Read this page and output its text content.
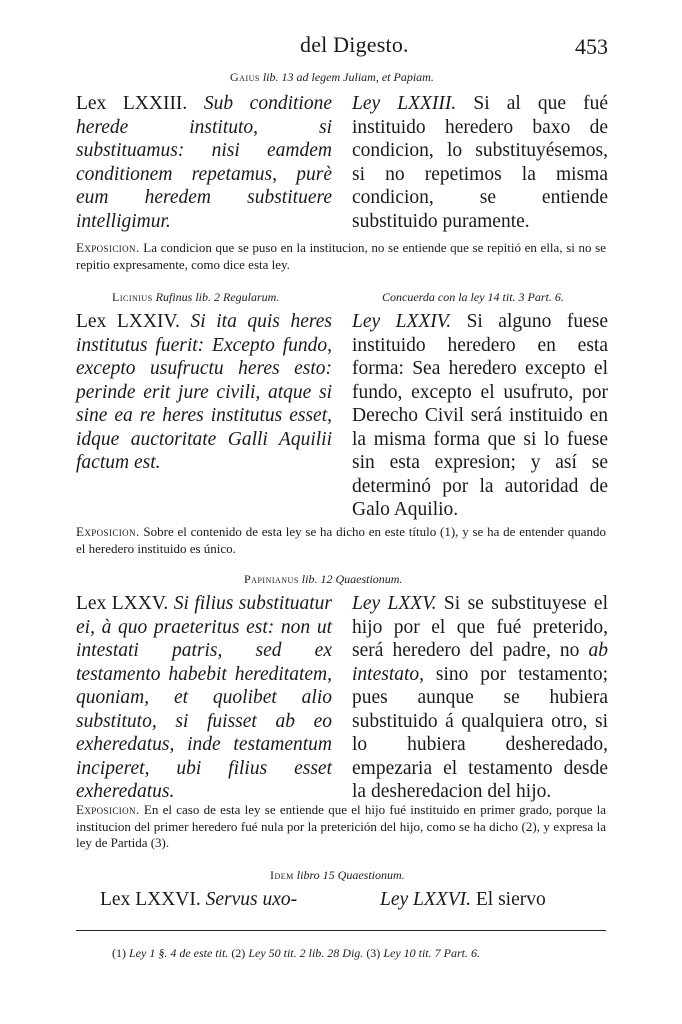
del Digesto.	453
Gaius lib. 13 ad legem Juliam, et Papiam.

Lex LXXIII. Sub conditione herede instituto, si substituamus: nisi eamdem conditionem repetamus, purè eum heredem substituere intelligimur.

Ley LXXIII. Si al que fué instituido heredero baxo de condicion, lo substituyésemos, si no repetimos la misma condicion, se entiende substituido puramente.

Exposicion. La condicion que se puso en la institucion, no se entiende que se repitió en ella, si no se repitio expresamente, como dice esta ley.
Licinius Rufinus lib. 2 Regularum.	Concuerda con la ley 14 tit. 3 Part. 6.

Lex LXXIV. Si ita quis heres institutus fuerit: Excepto fundo, excepto usufructu heres esto: perinde erit jure civili, atque si sine ea re heres institutus esset, idque auctoritate Galli Aquilii factum est.

Ley LXXIV. Si alguno fuese instituido heredero en esta forma: Sea heredero excepto el fundo, excepto el usufruto, por Derecho Civil será instituido en la misma forma que si lo fuese sin esta expresion; y así se determinó por la autoridad de Galo Aquilio.

Exposicion. Sobre el contenido de esta ley se ha dicho en este título (1), y se ha de entender quando el heredero instituido es único.
Papinianus lib. 12 Quaestionum.

Lex LXXV. Si filius substituatur ei, à quo praeteritus est: non ut intestati patris, sed ex testamento habebit hereditatem, quoniam, et quolibet alio substituto, si fuisset ab eo exheredatus, inde testamentum inciperet, ubi filius esset exheredatus.

Ley LXXV. Si se substituyese el hijo por el que fué preterido, será heredero del padre, no ab intestato, sino por testamento; pues aunque se hubiera substituido á qualquiera otro, si lo hubiera desheredado, empezaria el testamento desde la desheredacion del hijo.

Exposicion. En el caso de esta ley se entiende que el hijo fué instituido en primer grado, porque la institucion del primer heredero fué nula por la preterición del hijo, como se ha dicho (2), y expresa la ley de Partida (3).
Idem libro 15 Quaestionum.

Lex LXXVI. Servus uxo-	Ley LXXVI. El siervo

(1) Ley 1 §. 4 de este tit. (2) Ley 50 tit. 2 lib. 28 Dig. (3) Ley 10 tit. 7 Part. 6.
